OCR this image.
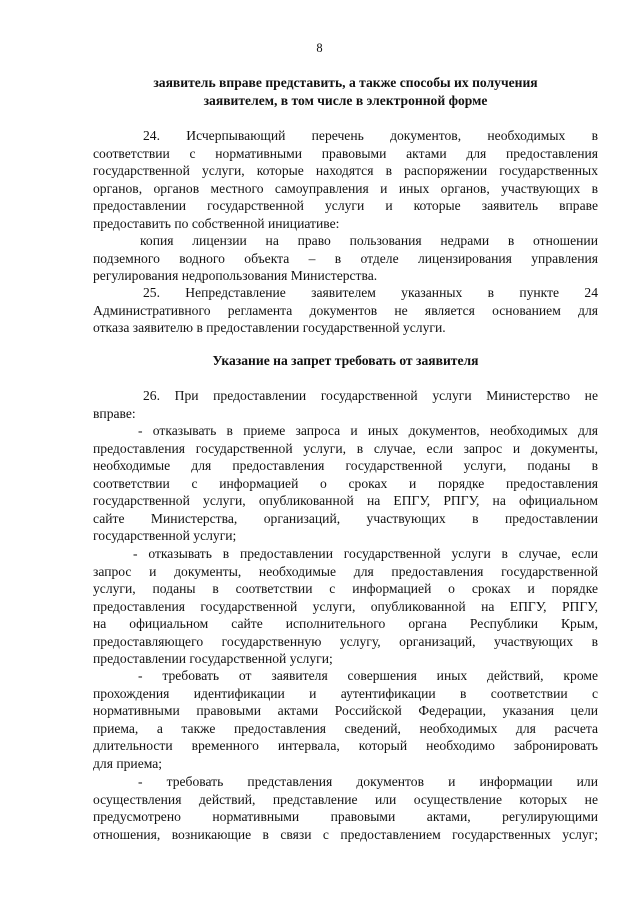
8
заявитель вправе представить, а также способы их получения
заявителем, в том числе в электронной форме
24. Исчерпывающий перечень документов, необходимых в
соответствии с нормативными правовыми актами для предоставления
государственной услуги, которые находятся в распоряжении государственных
органов, органов местного самоуправления и иных органов, участвующих в
предоставлении государственной услуги и которые заявитель вправе
предоставить по собственной инициативе:
копия лицензии на право пользования недрами в отношении
подземного водного объекта – в отделе лицензирования управления
регулирования недропользования Министерства.
25. Непредставление заявителем указанных в пункте 24
Административного регламента документов не является основанием для
отказа заявителю в предоставлении государственной услуги.
Указание на запрет требовать от заявителя
26. При предоставлении государственной услуги Министерство не
вправе:
- отказывать в приеме запроса и иных документов, необходимых для
предоставления государственной услуги, в случае, если запрос и документы,
необходимые для предоставления государственной услуги, поданы в
соответствии с информацией о сроках и порядке предоставления
государственной услуги, опубликованной на ЕПГУ, РПГУ, на официальном
сайте Министерства, организаций, участвующих в предоставлении
государственной услуги;
- отказывать в предоставлении государственной услуги в случае, если
запрос и документы, необходимые для предоставления государственной
услуги, поданы в соответствии с информацией о сроках и порядке
предоставления государственной услуги, опубликованной на ЕПГУ, РПГУ,
на официальном сайте исполнительного органа Республики Крым,
предоставляющего государственную услугу, организаций, участвующих в
предоставлении государственной услуги;
- требовать от заявителя совершения иных действий, кроме
прохождения идентификации и аутентификации в соответствии с
нормативными правовыми актами Российской Федерации, указания цели
приема, а также предоставления сведений, необходимых для расчета
длительности временного интервала, который необходимо забронировать
для приема;
- требовать представления документов и информации или
осуществления действий, представление или осуществление которых не
предусмотрено нормативными правовыми актами, регулирующими
отношения, возникающие в связи с предоставлением государственных услуг;
